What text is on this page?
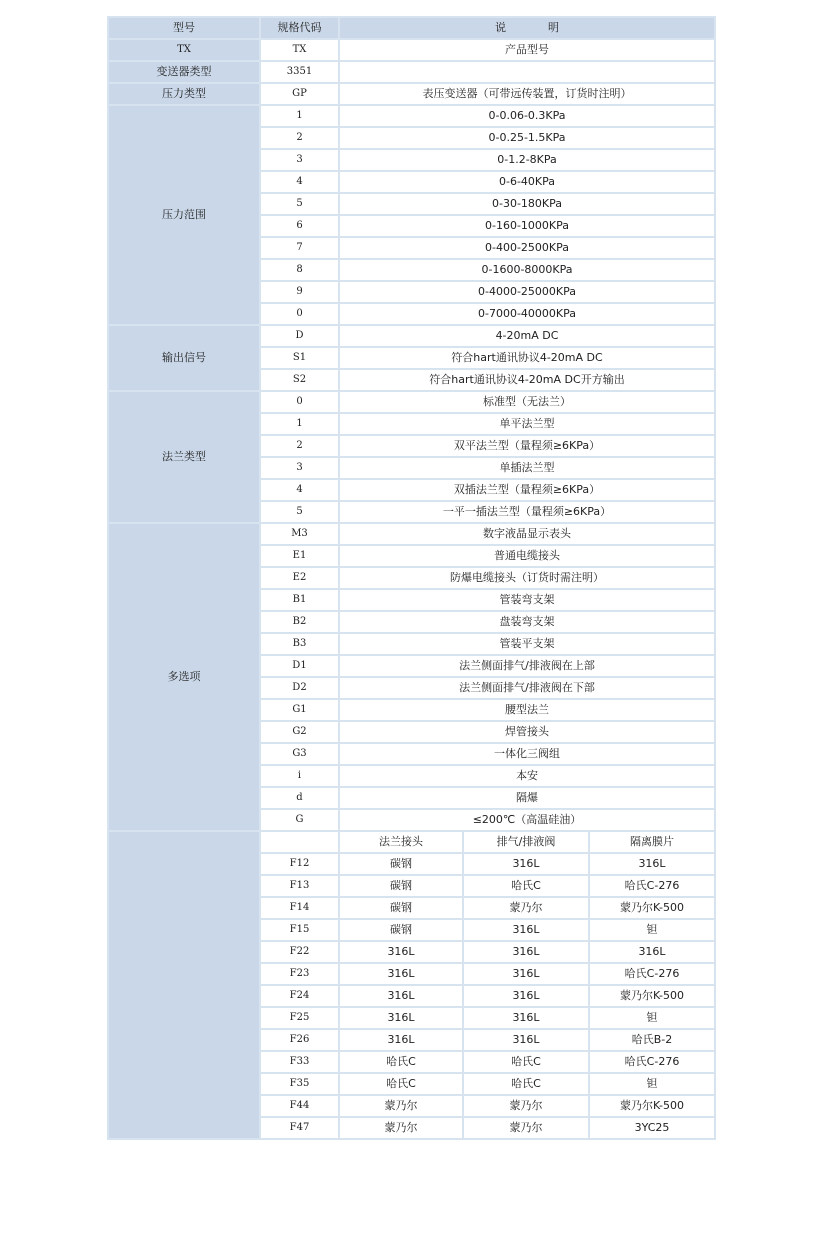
型号	规格代码	说 明		
TX	TX	产品型号		
变送器类型	3351			
压力类型	GP	表压变送器（可带远传装置，订货时注明）		
压力范围	1	0-0.06-0.3KPa		
	2	0-0.25-1.5KPa		
	3	0-1.2-8KPa		
	4	0-6-40KPa		
	5	0-30-180KPa		
	6	0-160-1000KPa		
	7	0-400-2500KPa		
	8	0-1600-8000KPa		
	9	0-4000-25000KPa		
	0	0-7000-40000KPa		
输出信号	D	4-20mA DC		
	S1	符合hart通讯协议4-20mA DC		
	S2	符合hart通讯协议4-20mA DC开方输出		
法兰类型	0	标准型（无法兰）		
	1	单平法兰型		
	2	双平法兰型（量程须≥6KPa）		
	3	单插法兰型		
	4	双插法兰型（量程须≥6KPa）		
	5	一平一插法兰型（量程须≥6KPa）		
多选项	M3	数字液晶显示表头		
	E1	普通电缆接头		
	E2	防爆电缆接头（订货时需注明）		
	B1	管装弯支架		
	B2	盘装弯支架		
	B3	管装平支架		
	D1	法兰侧面排气/排液阀在上部		
	D2	法兰侧面排气/排液阀在下部		
	G1	腰型法兰		
	G2	焊管接头		
	G3	一体化三阀组		
	i	本安		
	d	隔爆		
	G	≤200℃（高温硅油）		
		法兰接头	排气/排液阀	隔离膜片
	F12	碳钢	316L	316L
	F13	碳钢	哈氏C	哈氏C-276
	F14	碳钢	蒙乃尔	蒙乃尔K-500
	F15	碳钢	316L	钽
	F22	316L	316L	316L
	F23	316L	316L	哈氏C-276
	F24	316L	316L	蒙乃尔K-500
	F25	316L	316L	钽
	F26	316L	316L	哈氏B-2
	F33	哈氏C	哈氏C	哈氏C-276
	F35	哈氏C	哈氏C	钽
	F44	蒙乃尔	蒙乃尔	蒙乃尔K-500
	F47	蒙乃尔	蒙乃尔	3YC25
